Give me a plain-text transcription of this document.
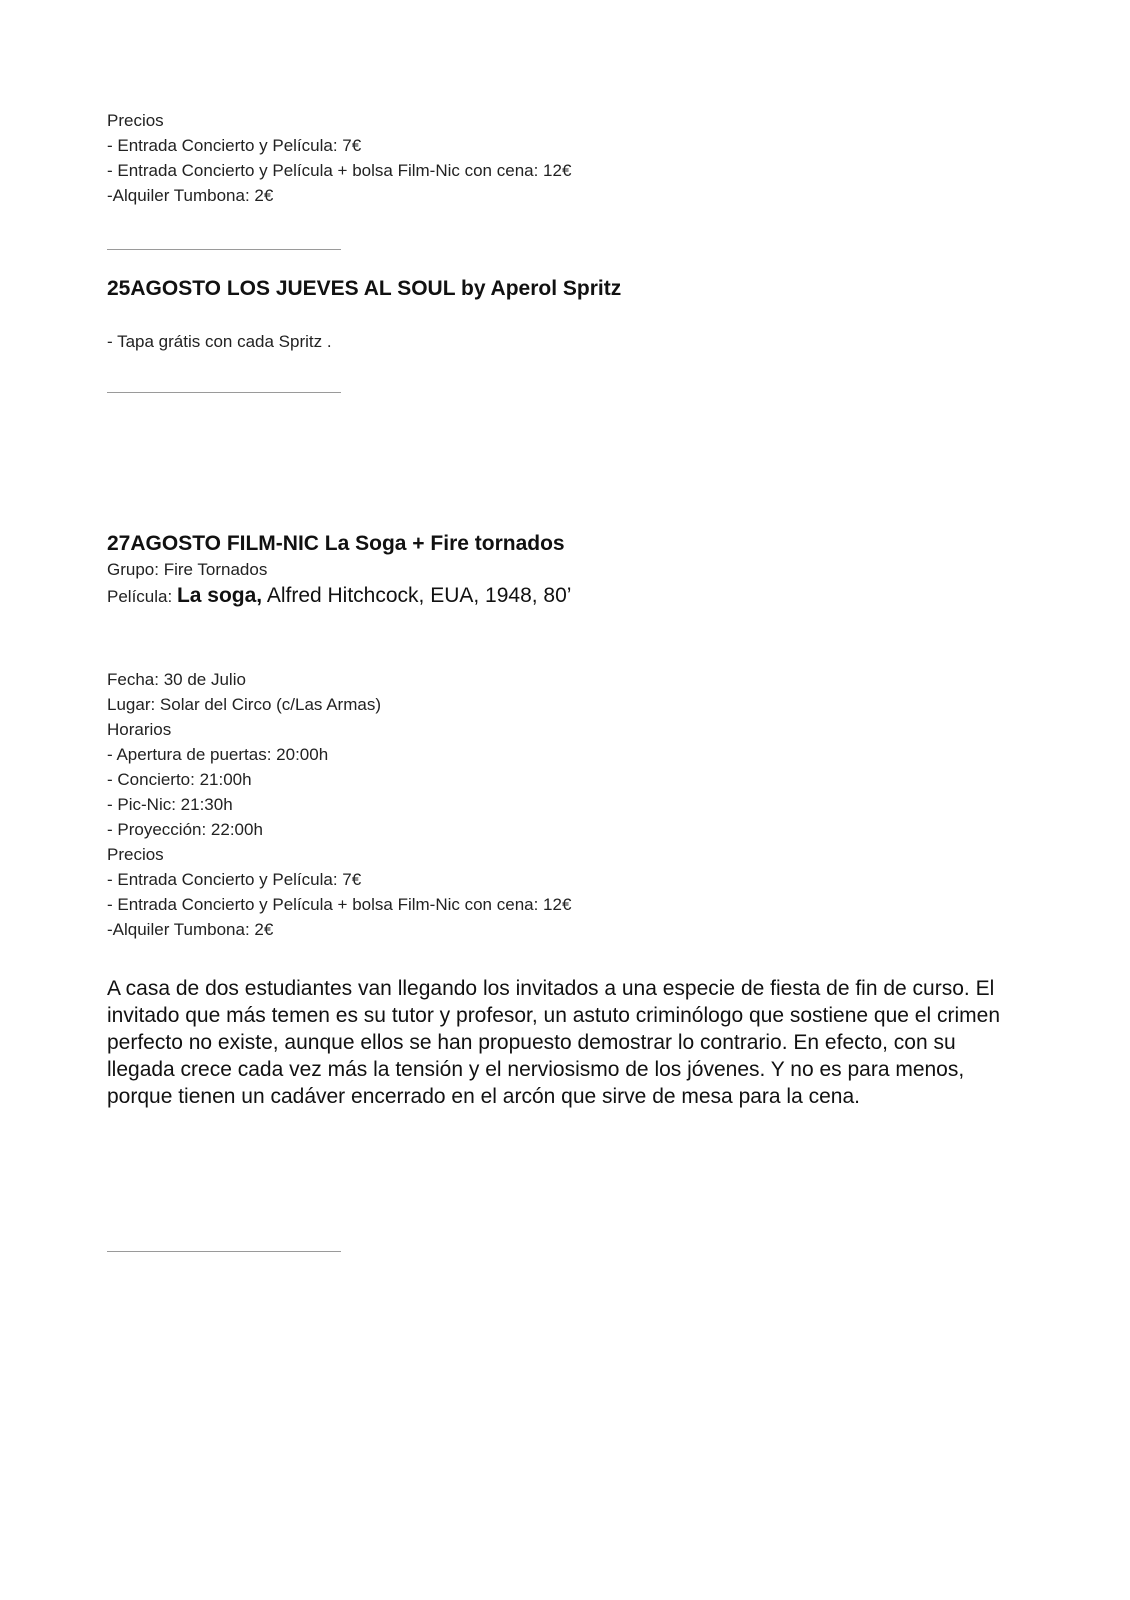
Precios
- Entrada Concierto y Película: 7€
- Entrada Concierto y Película + bolsa Film-Nic con cena: 12€
-Alquiler Tumbona: 2€
25AGOSTO LOS JUEVES AL SOUL by Aperol Spritz
- Tapa grátis con cada Spritz .
27AGOSTO FILM-NIC La Soga + Fire tornados
Grupo: Fire Tornados
Película: La soga, Alfred Hitchcock, EUA, 1948, 80’
Fecha: 30 de Julio
Lugar: Solar del Circo (c/Las Armas)
Horarios
- Apertura de puertas: 20:00h
- Concierto: 21:00h
- Pic-Nic: 21:30h
- Proyección: 22:00h
Precios
- Entrada Concierto y Película: 7€
- Entrada Concierto y Película + bolsa Film-Nic con cena: 12€
-Alquiler Tumbona: 2€

A casa de dos estudiantes van llegando los invitados a una especie de fiesta de fin de curso. El invitado que más temen es su tutor y profesor, un astuto criminólogo que sostiene que el crimen perfecto no existe, aunque ellos se han propuesto demostrar lo contrario. En efecto, con su llegada crece cada vez más la tensión y el nerviosismo de los jóvenes. Y no es para menos, porque tienen un cadáver encerrado en el arcón que sirve de mesa para la cena.
